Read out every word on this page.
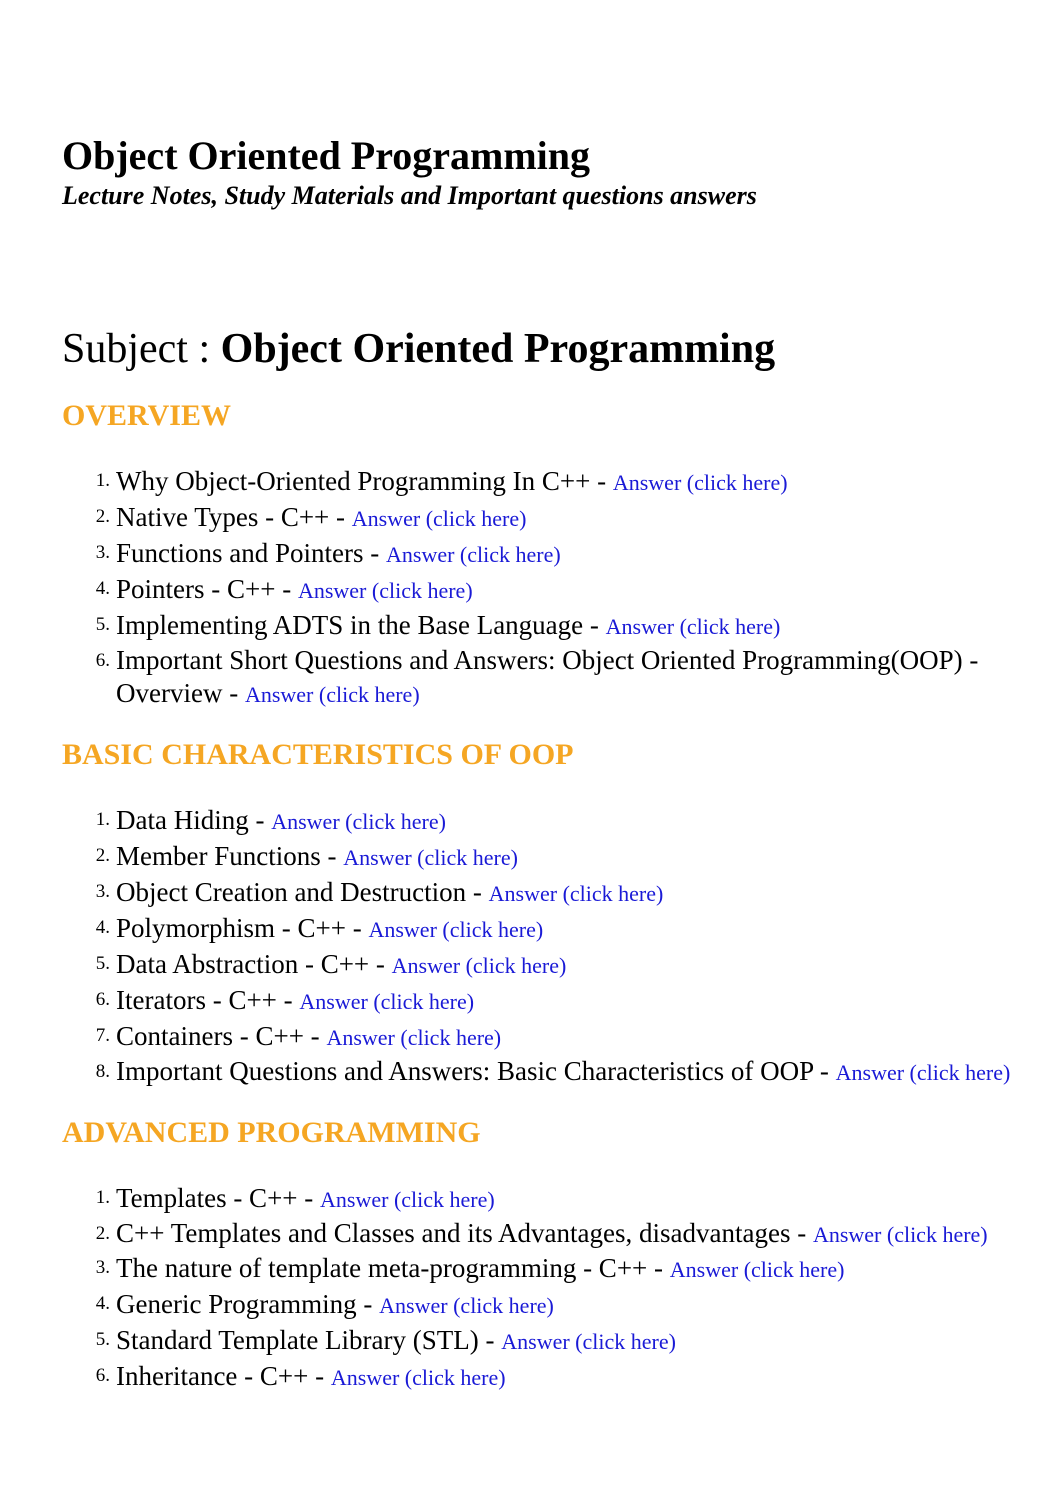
Object Oriented Programming

Lecture Notes, Study Materials and Important questions answers

Subject : Object Oriented Programming

OVERVIEW
1. Why Object-Oriented Programming In C++ - Answer (click here)
2. Native Types - C++ - Answer (click here)
3. Functions and Pointers - Answer (click here)
4. Pointers - C++ - Answer (click here)
5. Implementing ADTS in the Base Language - Answer (click here)
6. Important Short Questions and Answers: Object Oriented Programming(OOP) - Overview - Answer (click here)
BASIC CHARACTERISTICS OF OOP
1. Data Hiding - Answer (click here)
2. Member Functions - Answer (click here)
3. Object Creation and Destruction - Answer (click here)
4. Polymorphism - C++ - Answer (click here)
5. Data Abstraction - C++ - Answer (click here)
6. Iterators - C++ - Answer (click here)
7. Containers - C++ - Answer (click here)
8. Important Questions and Answers: Basic Characteristics of OOP - Answer (click here)
ADVANCED PROGRAMMING
1. Templates - C++ - Answer (click here)
2. C++ Templates and Classes and its Advantages, disadvantages - Answer (click here)
3. The nature of template meta-programming - C++ - Answer (click here)
4. Generic Programming - Answer (click here)
5. Standard Template Library (STL) - Answer (click here)
6. Inheritance - C++ - Answer (click here)
